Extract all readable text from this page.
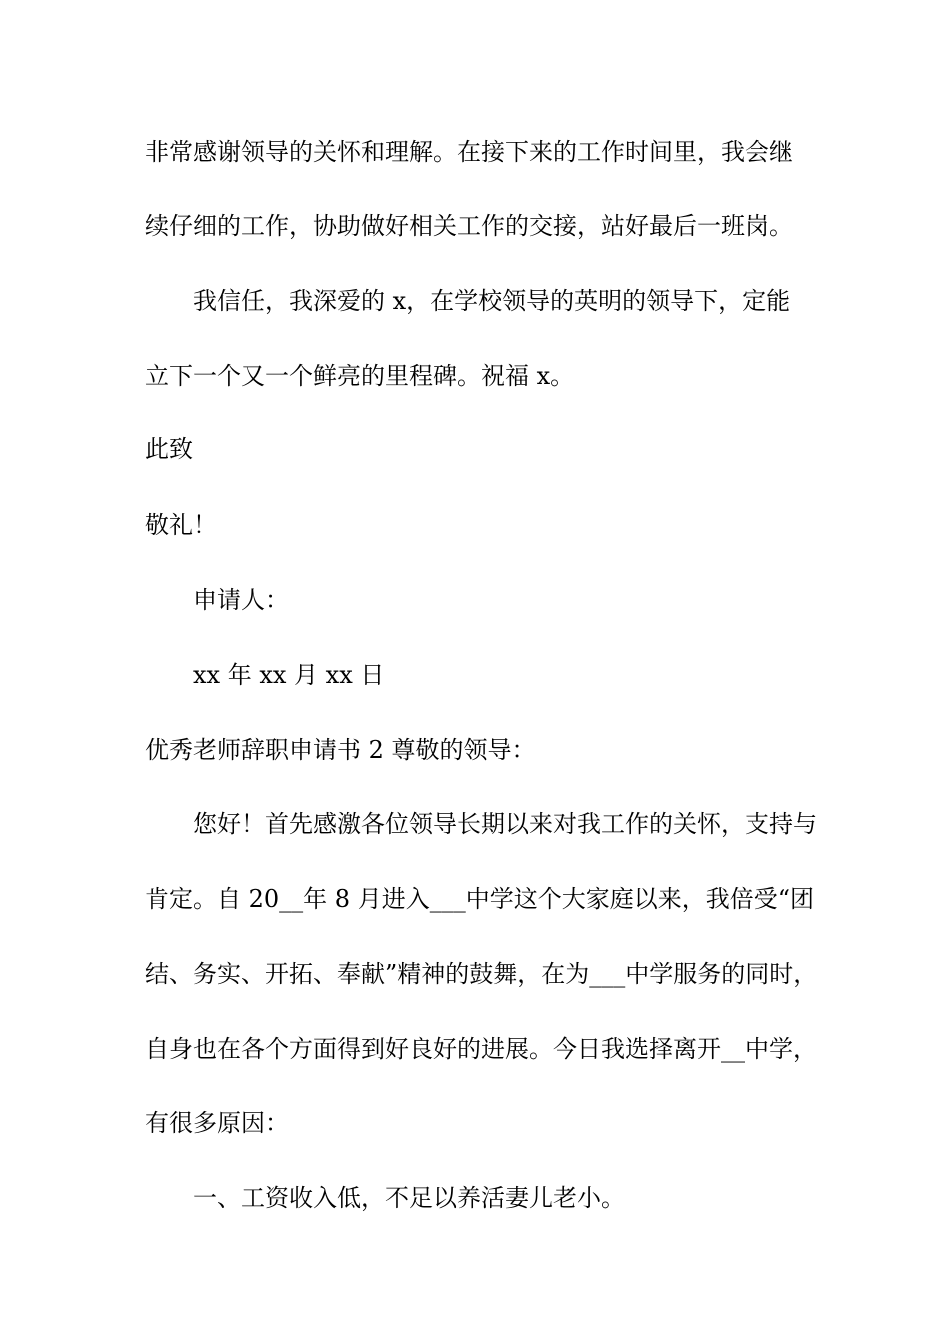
非常感谢领导的关怀和理解。在接下来的工作时间里，我会继

续仔细的工作，协助做好相关工作的交接，站好最后一班岗。

我信任，我深爱的 x，在学校领导的英明的领导下，定能

立下一个又一个鲜亮的里程碑。祝福 x。

此致

敬礼！

申请人：

xx 年 xx 月 xx 日

优秀老师辞职申请书 2 尊敬的领导：

您好！首先感激各位领导长期以来对我工作的关怀，支持与

肯定。自 20__年 8 月进入___中学这个大家庭以来，我倍受“团

结、务实、开拓、奉献”精神的鼓舞，在为___中学服务的同时，

自身也在各个方面得到好良好的进展。今日我选择离开__中学，

有很多原因：

一、工资收入低，不足以养活妻儿老小。
